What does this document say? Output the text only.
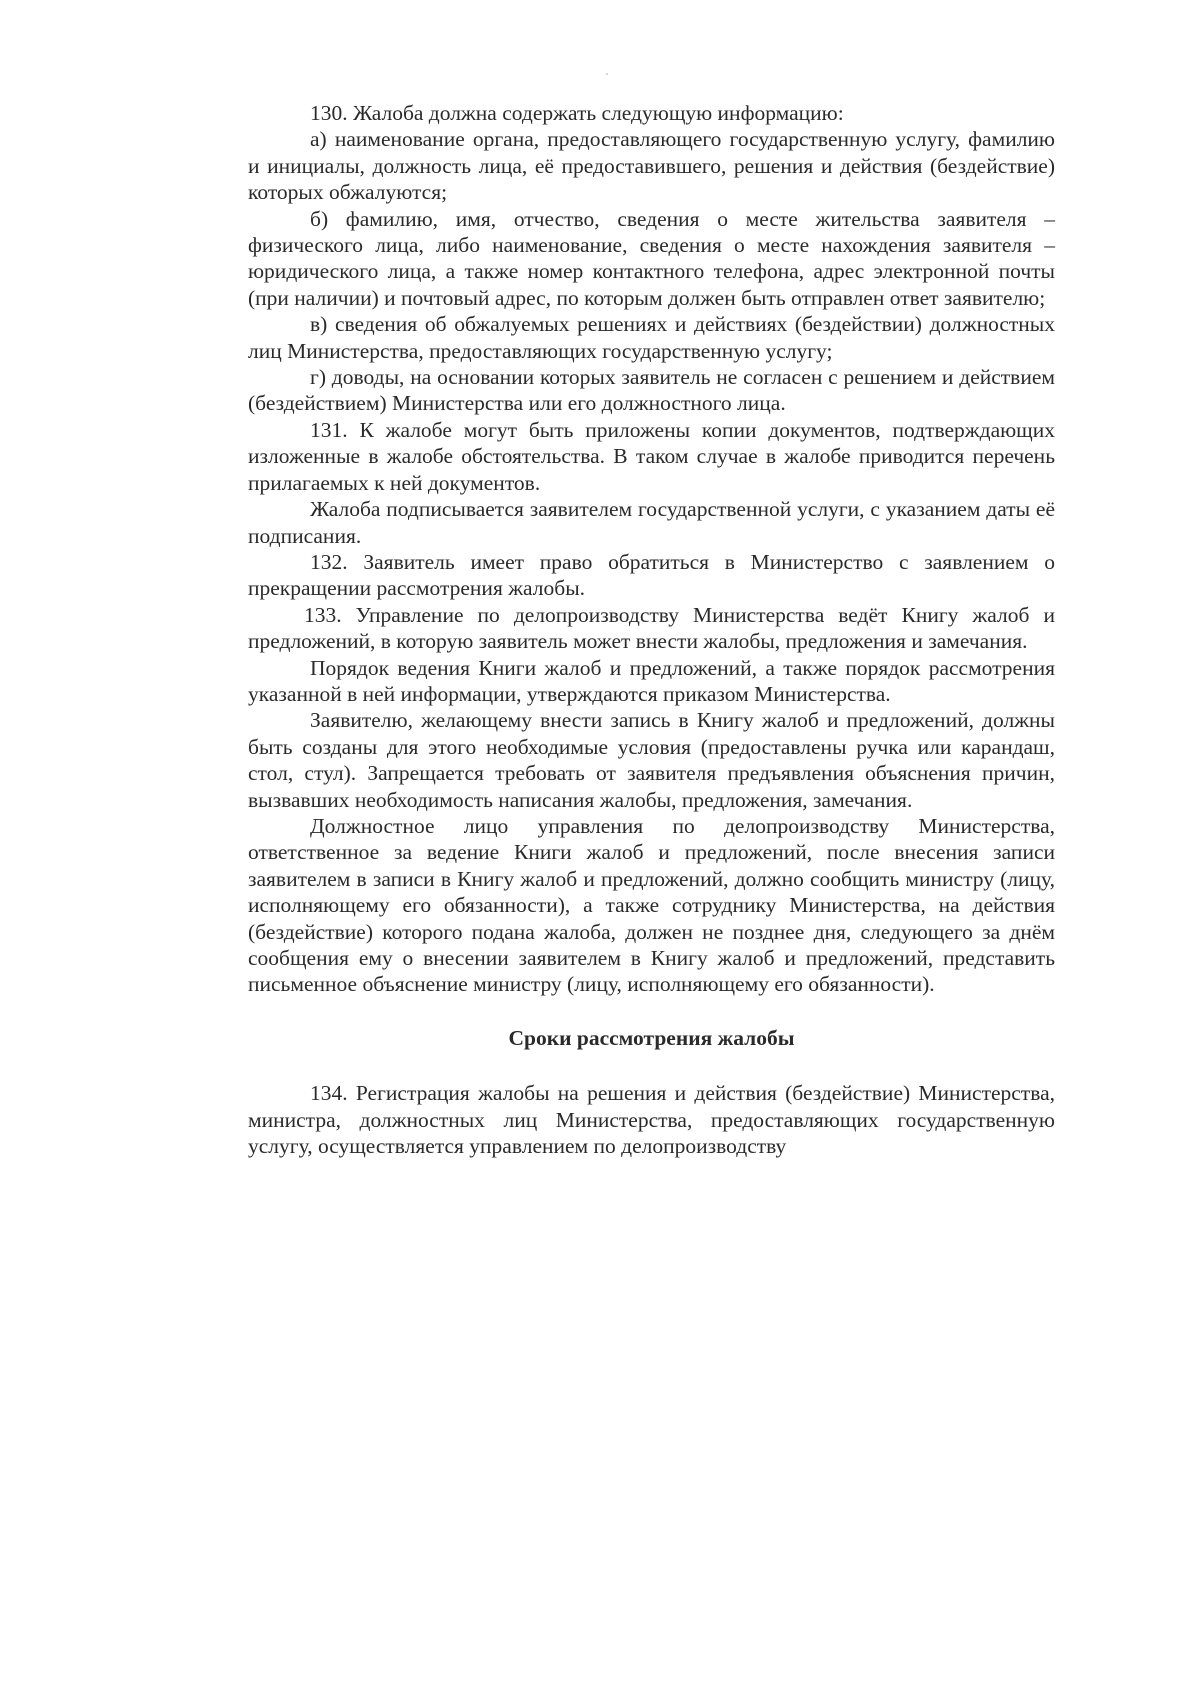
130. Жалоба должна содержать следующую информацию:

а) наименование органа, предоставляющего государственную услугу, фамилию и инициалы, должность лица, её предоставившего, решения и действия (бездействие) которых обжалуются;

б) фамилию, имя, отчество, сведения о месте жительства заявителя – физического лица, либо наименование, сведения о месте нахождения заявителя – юридического лица, а также номер контактного телефона, адрес электронной почты (при наличии) и почтовый адрес, по которым должен быть отправлен ответ заявителю;

в) сведения об обжалуемых решениях и действиях (бездействии) должностных лиц Министерства, предоставляющих государственную услугу;

г) доводы, на основании которых заявитель не согласен с решением и действием (бездействием) Министерства или его должностного лица.

131. К жалобе могут быть приложены копии документов, подтверждающих изложенные в жалобе обстоятельства. В таком случае в жалобе приводится перечень прилагаемых к ней документов.

Жалоба подписывается заявителем государственной услуги, с указанием даты её подписания.

132. Заявитель имеет право обратиться в Министерство с заявлением о прекращении рассмотрения жалобы.

133. Управление по делопроизводству Министерства ведёт Книгу жалоб и предложений, в которую заявитель может внести жалобы, предложения и замечания.

Порядок ведения Книги жалоб и предложений, а также порядок рассмотрения указанной в ней информации, утверждаются приказом Министерства.

Заявителю, желающему внести запись в Книгу жалоб и предложений, должны быть созданы для этого необходимые условия (предоставлены ручка или карандаш, стол, стул). Запрещается требовать от заявителя предъявления объяснения причин, вызвавших необходимость написания жалобы, предложения, замечания.

Должностное лицо управления по делопроизводству Министерства, ответственное за ведение Книги жалоб и предложений, после внесения записи заявителем в записи в Книгу жалоб и предложений, должно сообщить министру (лицу, исполняющему его обязанности), а также сотруднику Министерства, на действия (бездействие) которого подана жалоба, должен не позднее дня, следующего за днём сообщения ему о внесении заявителем в Книгу жалоб и предложений, представить письменное объяснение министру (лицу, исполняющему его обязанности).

Сроки рассмотрения жалобы

134. Регистрация жалобы на решения и действия (бездействие) Министерства, министра, должностных лиц Министерства, предоставляющих государственную услугу, осуществляется управлением по делопроизводству
